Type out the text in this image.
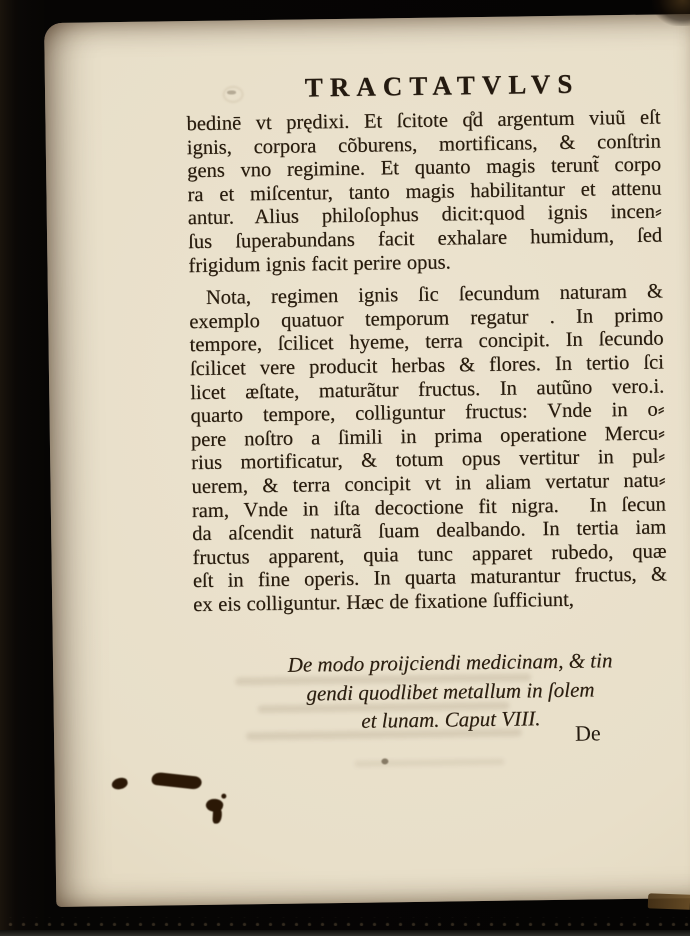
TRACTATVLVS
bedinē vt prędixi. Et ſcitote q̊d argentum viuũ eſt
ignis, corpora cõburens, mortificans, & conſtrin
gens vno regimine. Et quanto magis terunt̃ corpo
ra et miſcentur, tanto magis habilitantur et attenu
antur.  Alius philoſophus dicit:quod ignis incen⸗
ſus ſuperabundans facit exhalare humidum, ſed
frigidum ignis facit perire opus.
Nota, regimen ignis ſic ſecundum naturam &
exemplo quatuor temporum regatur . In primo
tempore, ſcilicet hyeme, terra concipit. In ſecundo
ſcilicet vere producit herbas & flores. In tertio ſci
licet æſtate, maturãtur fructus. In autũno vero.i.
quarto tempore, colliguntur fructus: Vnde in o⸗
pere noſtro a ſimili in prima operatione Mercu⸗
rius mortificatur, & totum opus vertitur in pul⸗
uerem, & terra concipit vt in aliam vertatur natu⸗
ram, Vnde in iſta decoctione fit nigra.   In ſecun
da aſcendit naturã ſuam dealbando. In tertia iam
fructus apparent, quia tunc apparet rubedo, quæ
eſt in fine operis. In quarta maturantur fructus, &
ex eis colliguntur. Hæc de fixatione ſufficiunt,
De modo proijciendi medicinam, & tin
gendi quodlibet metallum in ſolem
et lunam. Caput VIII.
De
